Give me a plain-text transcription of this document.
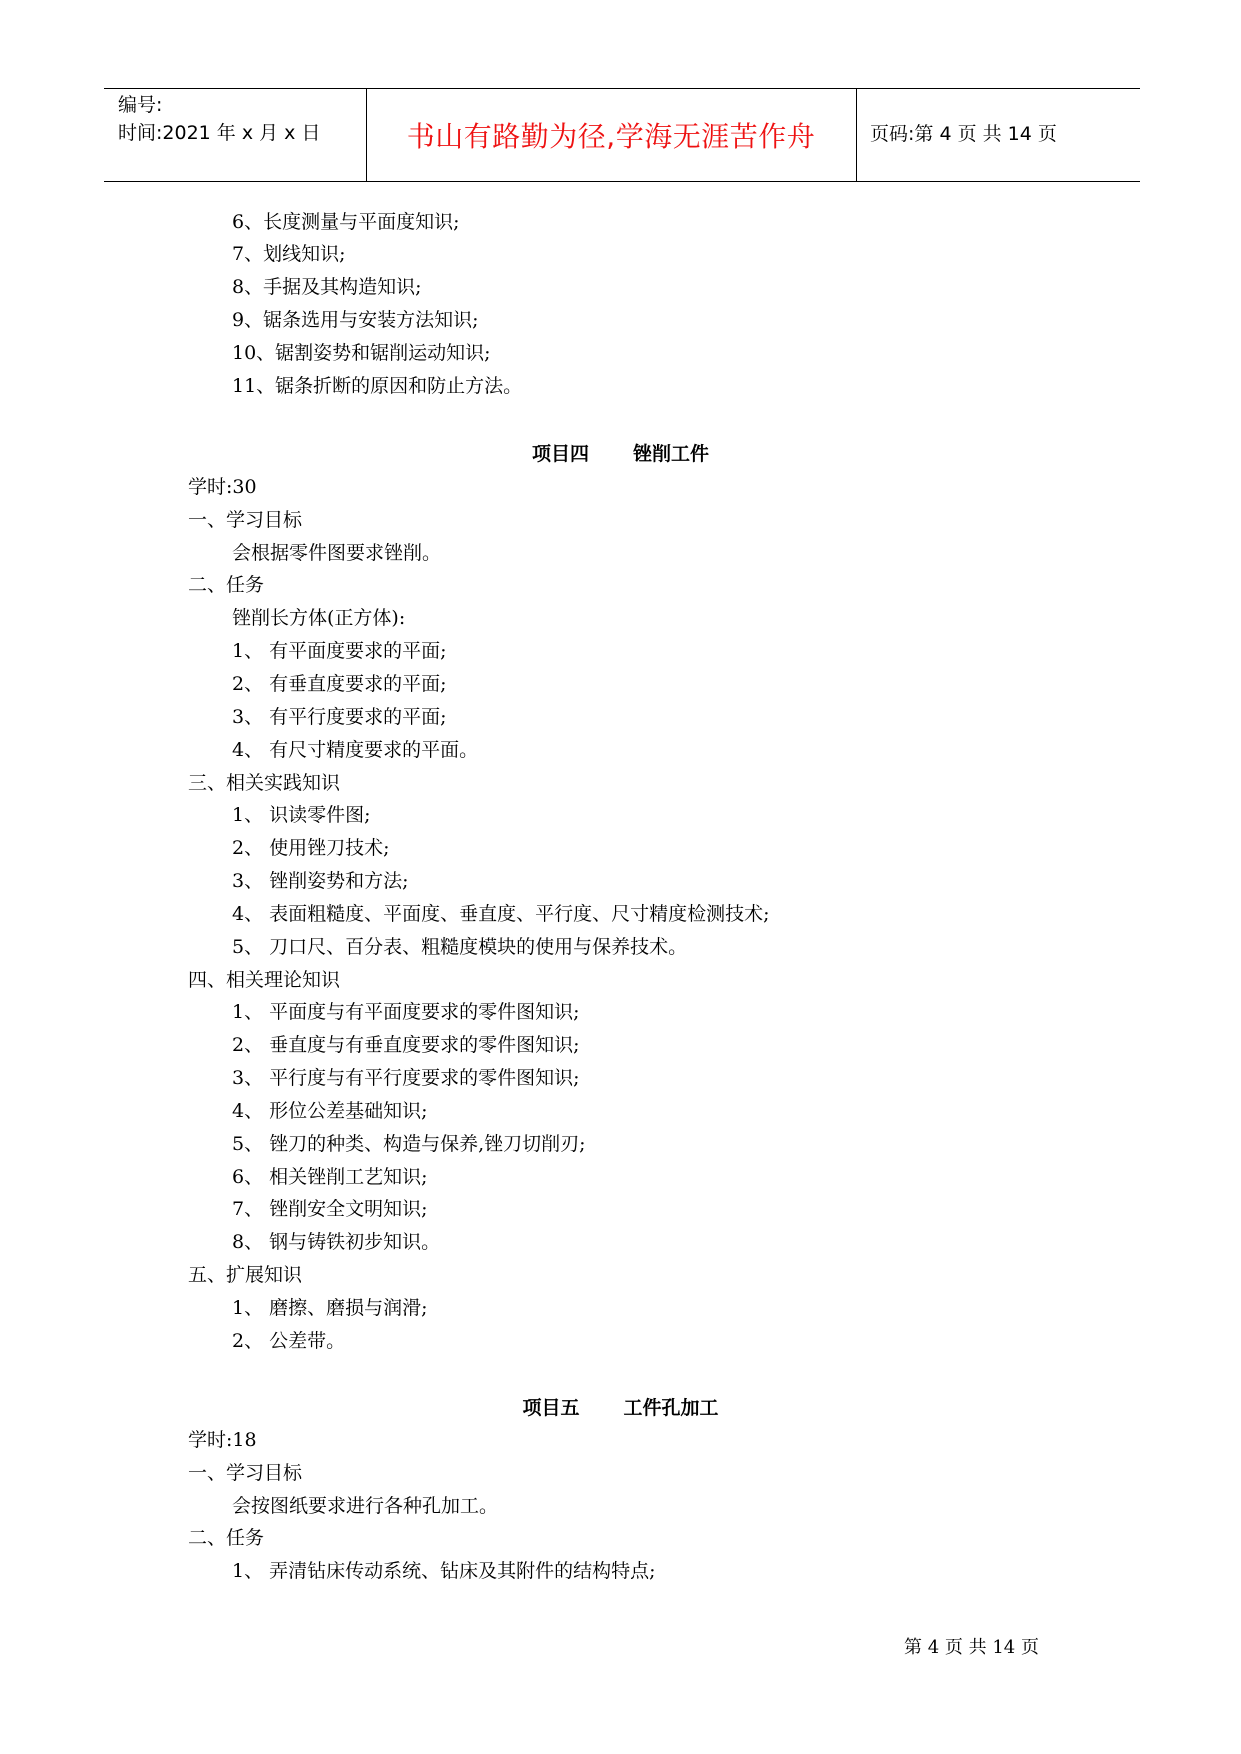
编号:
时间:2021 年 x 月 x 日	书山有路勤为径,学海无涯苦作舟	页码:第 4 页 共 14 页
6、长度测量与平面度知识;
7、划线知识;
8、手据及其构造知识;
9、锯条选用与安装方法知识;
10、锯割姿势和锯削运动知识;
11、锯条折断的原因和防止方法。
项目四 锉削工件
学时:30
一、学习目标
会根据零件图要求锉削。
二、任务
锉削长方体(正方体):
1、 有平面度要求的平面;
2、 有垂直度要求的平面;
3、 有平行度要求的平面;
4、 有尺寸精度要求的平面。
三、相关实践知识
1、 识读零件图;
2、 使用锉刀技术;
3、 锉削姿势和方法;
4、 表面粗糙度、平面度、垂直度、平行度、尺寸精度检测技术;
5、 刀口尺、百分表、粗糙度模块的使用与保养技术。
四、相关理论知识
1、 平面度与有平面度要求的零件图知识;
2、 垂直度与有垂直度要求的零件图知识;
3、 平行度与有平行度要求的零件图知识;
4、 形位公差基础知识;
5、 锉刀的种类、构造与保养,锉刀切削刃;
6、 相关锉削工艺知识;
7、 锉削安全文明知识;
8、 钢与铸铁初步知识。
五、扩展知识
1、 磨擦、磨损与润滑;
2、 公差带。
项目五 工件孔加工
学时:18
一、学习目标
会按图纸要求进行各种孔加工。
二、任务
1、 弄清钻床传动系统、钻床及其附件的结构特点;
第 4 页 共 14 页
